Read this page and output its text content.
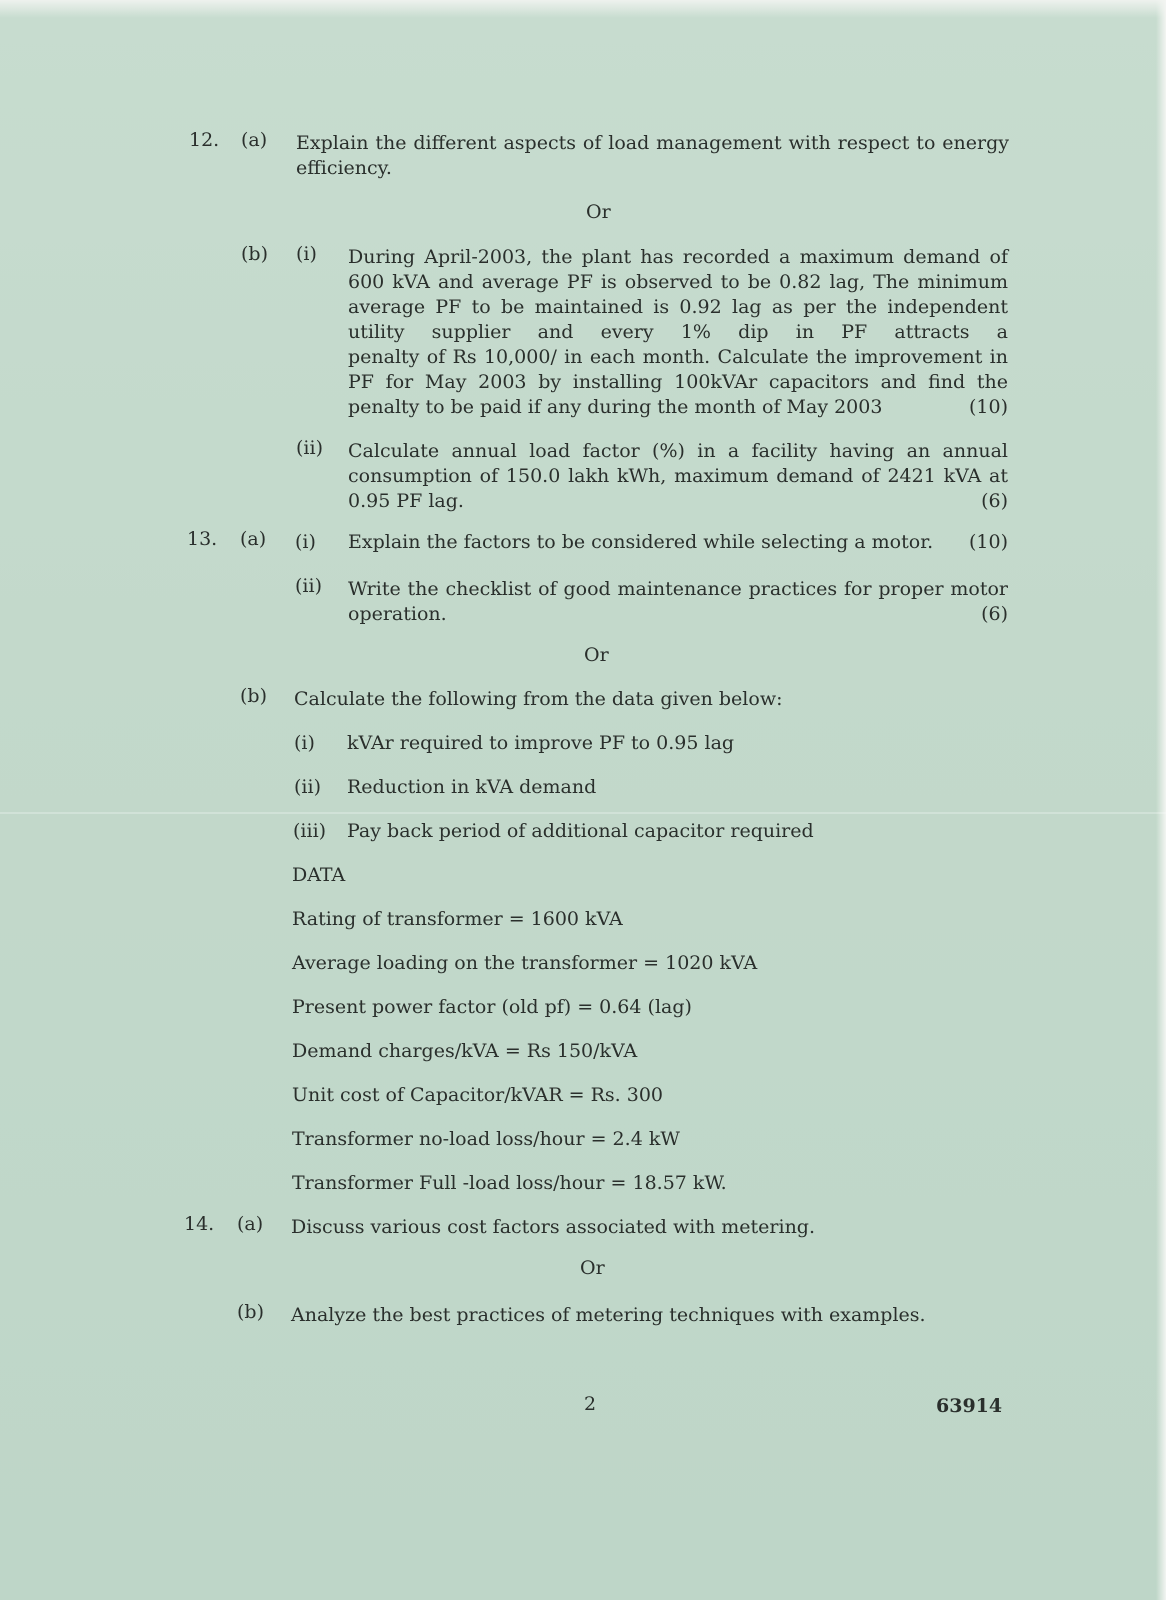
12. (a) Explain the different aspects of load management with respect to energy
efficiency.
Or
(b) (i) During April-2003, the plant has recorded a maximum demand of
600 kVA and average PF is observed to be 0.82 lag, The minimum
average PF to be maintained is 0.92 lag as per the independent
utility supplier and every 1% dip in PF attracts a
penalty of Rs 10,000/ in each month. Calculate the improvement in
PF for May 2003 by installing 100kVAr capacitors and find the
penalty to be paid if any during the month of May 2003	(10)
(ii) Calculate annual load factor (%) in a facility having an annual
consumption of 150.0 lakh kWh, maximum demand of 2421 kVA at
0.95 PF lag.	(6)
13. (a) (i) Explain the factors to be considered while selecting a motor.	(10)
(ii) Write the checklist of good maintenance practices for proper motor
operation.	(6)
Or
(b) Calculate the following from the data given below:
(i) kVAr required to improve PF to 0.95 lag
(ii) Reduction in kVA demand
(iii) Pay back period of additional capacitor required
DATA
Rating of transformer = 1600 kVA
Average loading on the transformer = 1020 kVA
Present power factor (old pf) = 0.64 (lag)
Demand charges/kVA = Rs 150/kVA
Unit cost of Capacitor/kVAR = Rs. 300
Transformer no-load loss/hour = 2.4 kW
Transformer Full -load loss/hour = 18.57 kW.
14. (a) Discuss various cost factors associated with metering.
Or
(b) Analyze the best practices of metering techniques with examples.
2	63914
